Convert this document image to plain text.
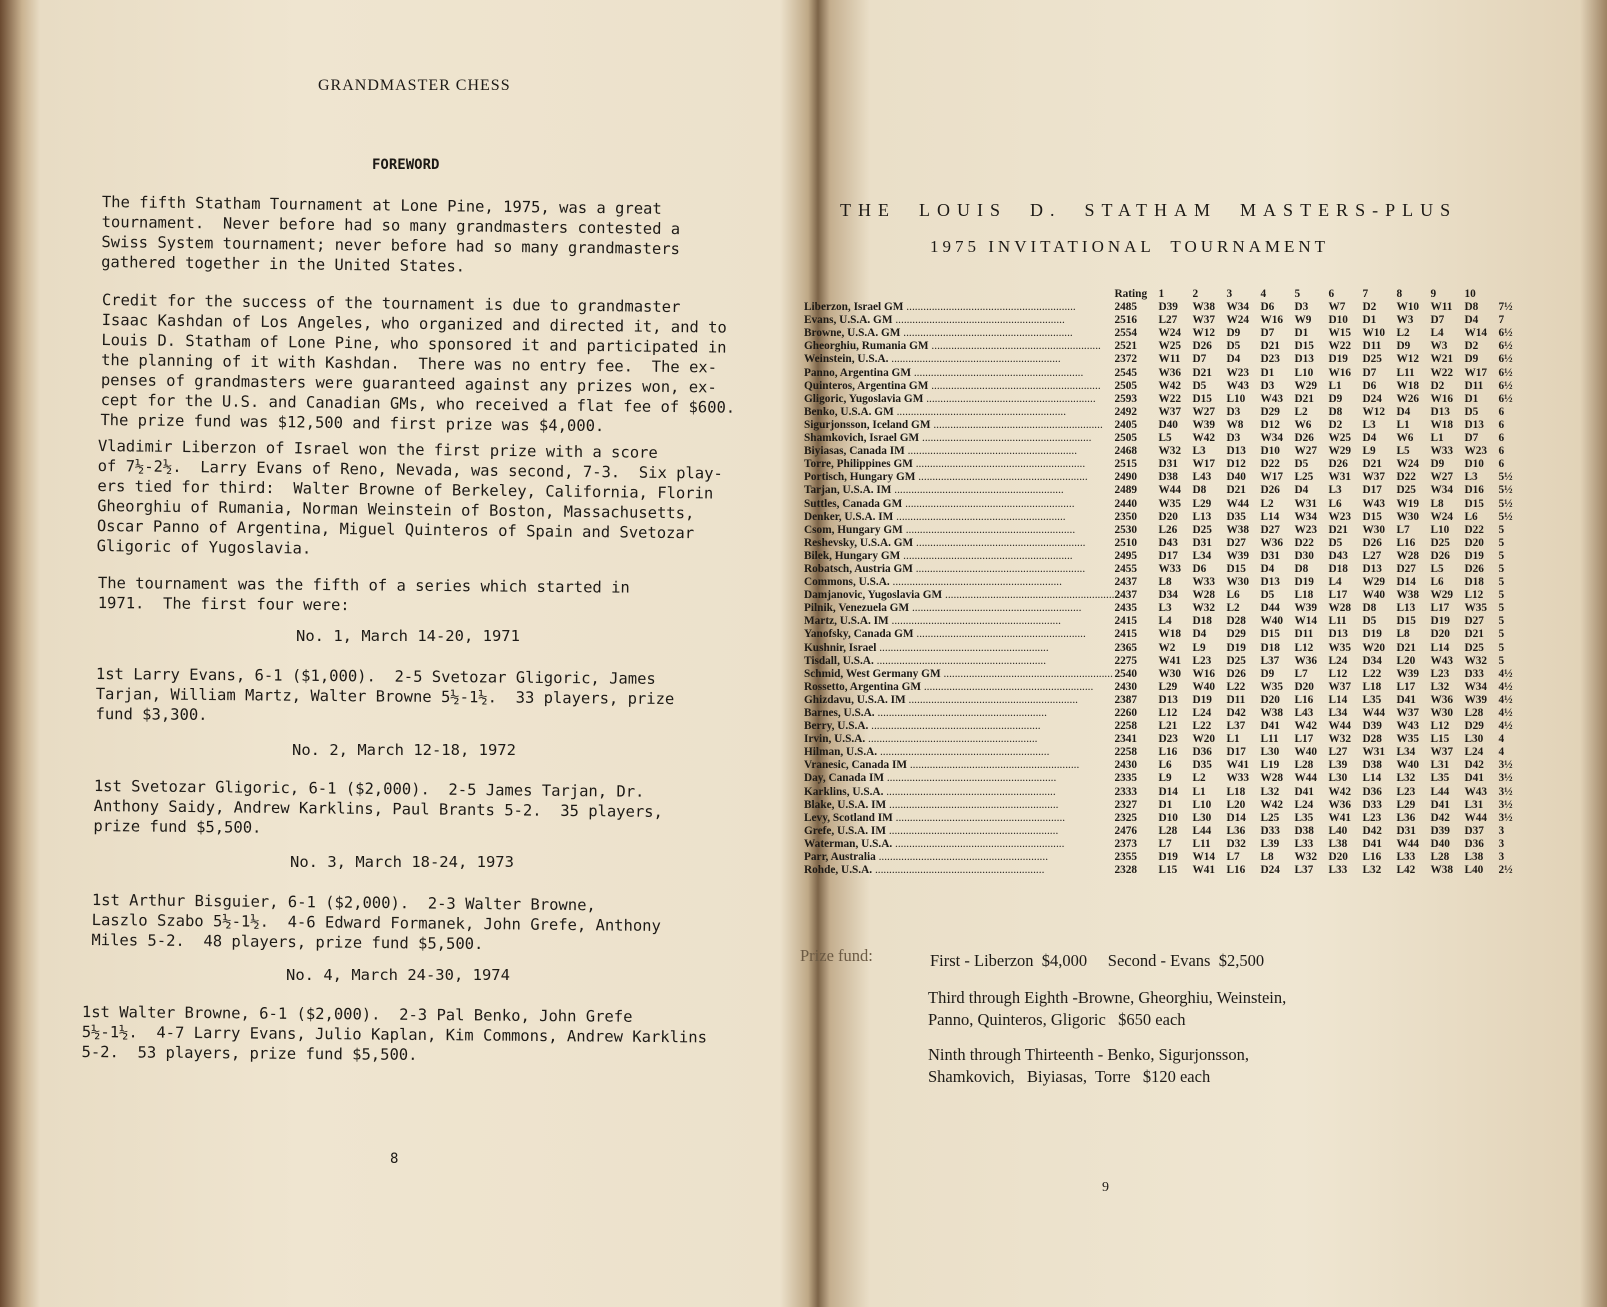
GRANDMASTER CHESS
FOREWORD
The fifth Statham Tournament at Lone Pine, 1975, was a great
tournament.  Never before had so many grandmasters contested a
Swiss System tournament; never before had so many grandmasters
gathered together in the United States.
Credit for the success of the tournament is due to grandmaster
Isaac Kashdan of Los Angeles, who organized and directed it, and to
Louis D. Statham of Lone Pine, who sponsored it and participated in
the planning of it with Kashdan.  There was no entry fee.  The ex-
penses of grandmasters were guaranteed against any prizes won, ex-
cept for the U.S. and Canadian GMs, who received a flat fee of $600.
The prize fund was $12,500 and first prize was $4,000.
Vladimir Liberzon of Israel won the first prize with a score
of 7½-2½.  Larry Evans of Reno, Nevada, was second, 7-3.  Six play-
ers tied for third:  Walter Browne of Berkeley, California, Florin
Gheorghiu of Rumania, Norman Weinstein of Boston, Massachusetts,
Oscar Panno of Argentina, Miguel Quinteros of Spain and Svetozar
Gligoric of Yugoslavia.
The tournament was the fifth of a series which started in
1971.  The first four were:
No. 1, March 14-20, 1971
1st Larry Evans, 6-1 ($1,000).  2-5 Svetozar Gligoric, James
Tarjan, William Martz, Walter Browne 5½-1½.  33 players, prize
fund $3,300.
No. 2, March 12-18, 1972
1st Svetozar Gligoric, 6-1 ($2,000).  2-5 James Tarjan, Dr.
Anthony Saidy, Andrew Karklins, Paul Brants 5-2.  35 players,
prize fund $5,500.
No. 3, March 18-24, 1973
1st Arthur Bisguier, 6-1 ($2,000).  2-3 Walter Browne,
Laszlo Szabo 5½-1½.  4-6 Edward Formanek, John Grefe, Anthony
Miles 5-2.  48 players, prize fund $5,500.
No. 4, March 24-30, 1974
1st Walter Browne, 6-1 ($2,000).  2-3 Pal Benko, John Grefe
5½-1½.  4-7 Larry Evans, Julio Kaplan, Kim Commons, Andrew Karklins
5-2.  53 players, prize fund $5,500.
8
THE  LOUIS  D.  STATHAM  MASTERS-PLUS
1975 INVITATIONAL  TOURNAMENT
	Rating	1	2	3	4	5	6	7	8	9	10	
Liberzon, Israel GM ............................................................	2485	D39	W38	W34	D6	D3	W7	D2	W10	W11	D8	7½
Evans, U.S.A. GM ............................................................	2516	L27	W37	W24	W16	W9	D10	D1	W3	D7	D4	7
Browne, U.S.A. GM ............................................................	2554	W24	W12	D9	D7	D1	W15	W10	L2	L4	W14	6½
Gheorghiu, Rumania GM ............................................................	2521	W25	D26	D5	D21	D15	W22	D11	D9	W3	D2	6½
Weinstein, U.S.A. ............................................................	2372	W11	D7	D4	D23	D13	D19	D25	W12	W21	D9	6½
Panno, Argentina GM ............................................................	2545	W36	D21	W23	D1	L10	W16	D7	L11	W22	W17	6½
Quinteros, Argentina GM ............................................................	2505	W42	D5	W43	D3	W29	L1	D6	W18	D2	D11	6½
Gligoric, Yugoslavia GM ............................................................	2593	W22	D15	L10	W43	D21	D9	D24	W26	W16	D1	6½
Benko, U.S.A. GM ............................................................	2492	W37	W27	D3	D29	L2	D8	W12	D4	D13	D5	6
Sigurjonsson, Iceland GM ............................................................	2405	D40	W39	W8	D12	W6	D2	L3	L1	W18	D13	6
Shamkovich, Israel GM ............................................................	2505	L5	W42	D3	W34	D26	W25	D4	W6	L1	D7	6
Biyiasas, Canada IM ............................................................	2468	W32	L3	D13	D10	W27	W29	L9	L5	W33	W23	6
Torre, Philippines GM ............................................................	2515	D31	W17	D12	D22	D5	D26	D21	W24	D9	D10	6
Portisch, Hungary GM ............................................................	2490	D38	L43	D40	W17	L25	W31	W37	D22	W27	L3	5½
Tarjan, U.S.A. IM ............................................................	2489	W44	D8	D21	D26	D4	L3	D17	D25	W34	D16	5½
Suttles, Canada GM ............................................................	2440	W35	L29	W44	L2	W31	L6	W43	W19	L8	D15	5½
Denker, U.S.A. IM ............................................................	2350	D20	L13	D35	L14	W34	W23	D15	W30	W24	L6	5½
Csom, Hungary GM ............................................................	2530	L26	D25	W38	D27	W23	D21	W30	L7	L10	D22	5
Reshevsky, U.S.A. GM ............................................................	2510	D43	D31	D27	W36	D22	D5	D26	L16	D25	D20	5
Bilek, Hungary GM ............................................................	2495	D17	L34	W39	D31	D30	D43	L27	W28	D26	D19	5
Robatsch, Austria GM ............................................................	2455	W33	D6	D15	D4	D8	D18	D13	D27	L5	D26	5
Commons, U.S.A. ............................................................	2437	L8	W33	W30	D13	D19	L4	W29	D14	L6	D18	5
Damjanovic, Yugoslavia GM ............................................................	2437	D34	W28	L6	D5	L18	L17	W40	W38	W29	L12	5
Pilnik, Venezuela GM ............................................................	2435	L3	W32	L2	D44	W39	W28	D8	L13	L17	W35	5
Martz, U.S.A. IM ............................................................	2415	L4	D18	D28	W40	W14	L11	D5	D15	D19	D27	5
Yanofsky, Canada GM ............................................................	2415	W18	D4	D29	D15	D11	D13	D19	L8	D20	D21	5
Kushnir, Israel ............................................................	2365	W2	L9	D19	D18	L12	W35	W20	D21	L14	D25	5
Tisdall, U.S.A. ............................................................	2275	W41	L23	D25	L37	W36	L24	D34	L20	W43	W32	5
Schmid, West Germany GM ............................................................	2540	W30	W16	D26	D9	L7	L12	L22	W39	L23	D33	4½
Rossetto, Argentina GM ............................................................	2430	L29	W40	L22	W35	D20	W37	L18	L17	L32	W34	4½
Ghizdavu, U.S.A. IM ............................................................	2387	D13	D19	D11	D20	L16	L14	L35	D41	W36	W39	4½
Barnes, U.S.A. ............................................................	2260	L12	L24	D42	W38	L43	L34	W44	W37	W30	L28	4½
Berry, U.S.A. ............................................................	2258	L21	L22	L37	D41	W42	W44	D39	W43	L12	D29	4½
Irvin, U.S.A. ............................................................	2341	D23	W20	L1	L11	L17	W32	D28	W35	L15	L30	4
Hilman, U.S.A. ............................................................	2258	L16	D36	D17	L30	W40	L27	W31	L34	W37	L24	4
Vranesic, Canada IM ............................................................	2430	L6	D35	W41	L19	L28	L39	D38	W40	L31	D42	3½
Day, Canada IM ............................................................	2335	L9	L2	W33	W28	W44	L30	L14	L32	L35	D41	3½
Karklins, U.S.A. ............................................................	2333	D14	L1	L18	L32	D41	W42	D36	L23	L44	W43	3½
Blake, U.S.A. IM ............................................................	2327	D1	L10	L20	W42	L24	W36	D33	L29	D41	L31	3½
Levy, Scotland IM ............................................................	2325	D10	L30	D14	L25	L35	W41	L23	L36	D42	W44	3½
Grefe, U.S.A. IM ............................................................	2476	L28	L44	L36	D33	D38	L40	D42	D31	D39	D37	3
Waterman, U.S.A. ............................................................	2373	L7	L11	D32	L39	L33	L38	D41	W44	D40	D36	3
Parr, Australia ............................................................	2355	D19	W14	L7	L8	W32	D20	L16	L33	L28	L38	3
Rohde, U.S.A. ............................................................	2328	L15	W41	L16	D24	L37	L33	L32	L42	W38	L40	2½
Prize fund:	First - Liberzon  $4,000     Second - Evans  $2,500
Third through Eighth -Browne, Gheorghiu, Weinstein,
Panno, Quinteros, Gligoric   $650 each
Ninth through Thirteenth - Benko, Sigurjonsson,
Shamkovich,   Biyiasas,  Torre   $120 each
9
